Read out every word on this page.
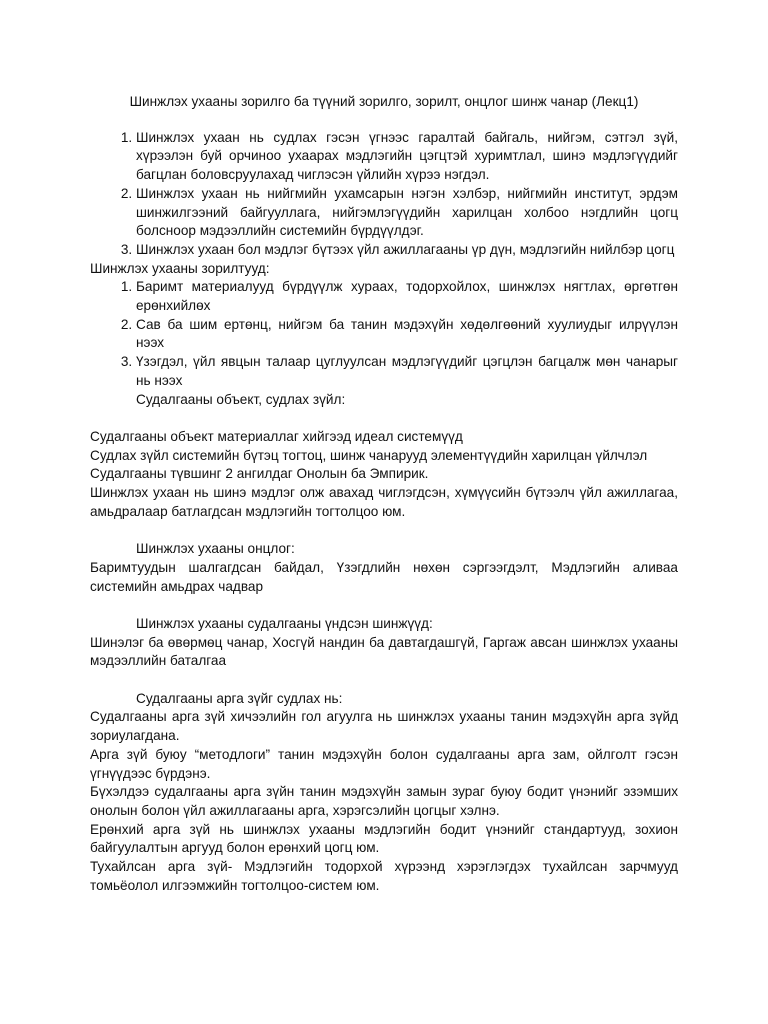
Шинжлэх ухааны зорилго ба түүний зорилго, зорилт, онцлог шинж чанар (Лекц1)
1. Шинжлэх ухаан нь судлах гэсэн үгнээс гаралтай байгаль, нийгэм, сэтгэл зүй, хүрээлэн буй орчиноо ухаарах мэдлэгийн цэгцтэй хуримтлал, шинэ мэдлэгүүдийг багцлан боловсруулахад чиглэсэн үйлийн хүрээ нэгдэл.
2. Шинжлэх ухаан нь нийгмийн ухамсарын нэгэн хэлбэр, нийгмийн институт, эрдэм шинжилгээний байгууллага, нийгэмлэгүүдийн харилцан холбоо нэгдлийн цогц болсноор мэдээллийн системийн бүрдүүлдэг.
3. Шинжлэх ухаан бол мэдлэг бүтээх үйл ажиллагааны үр дүн, мэдлэгийн нийлбэр цогц

Шинжлэх ухааны зорилтууд:

1. Баримт материалууд бүрдүүлж хураах, тодорхойлох, шинжлэх нягтлах, өргөтгөн ерөнхийлөх
2. Сав ба шим ертөнц, нийгэм ба танин мэдэхүйн хөдөлгөөний хуулиудыг илрүүлэн нээх
3. Үзэгдэл, үйл явцын талаар цуглуулсан мэдлэгүүдийг цэгцлэн багцалж мөн чанарыг нь нээх

Судалгааны объект, судлах зүйл:

Судалгааны объект материаллаг хийгээд идеал системүүд

Судлах зүйл системийн бүтэц тогтоц, шинж чанарууд элементүүдийн харилцан үйлчлэл

Судалгааны түвшинг 2 ангилдаг Онолын ба Эмпирик.

Шинжлэх ухаан нь шинэ мэдлэг олж авахад чиглэгдсэн, хүмүүсийн бүтээлч үйл ажиллагаа, амьдралаар батлагдсан мэдлэгийн тогтолцоо юм.

Шинжлэх ухааны онцлог:

Баримтуудын шалгагдсан байдал, Үзэгдлийн нөхөн сэргээгдэлт, Мэдлэгийн аливаа системийн амьдрах чадвар

Шинжлэх ухааны судалгааны үндсэн шинжүүд:

Шинэлэг ба өвөрмөц чанар, Хосгүй нандин ба давтагдашгүй, Гаргаж авсан шинжлэх ухааны мэдээллийн баталгаа

Судалгааны арга зүйг судлах нь:

Судалгааны арга зүй хичээлийн гол агуулга нь шинжлэх ухааны танин мэдэхүйн арга зүйд зориулагдана.

Арга зүй буюу “метoдлоги” танин мэдэхүйн болон судалгааны арга зам, ойлголт гэсэн үгнүүдээс бүрдэнэ.

Бүхэлдээ судалгааны арга зүйн танин мэдэхүйн замын зураг буюу бодит үнэнийг эзэмших онолын болон үйл ажиллагааны арга, хэрэгсэлийн цогцыг хэлнэ.

Ерөнхий арга зүй нь шинжлэх ухааны мэдлэгийн бодит үнэнийг стандартууд, зохион байгуулалтын аргууд болон ерөнхий цогц юм.

Тухайлсан арга зүй- Мэдлэгийн тодорхой хүрээнд хэрэглэгдэх тухайлсан зарчмууд томьёолол илгээмжийн тогтолцоо-систем юм.
